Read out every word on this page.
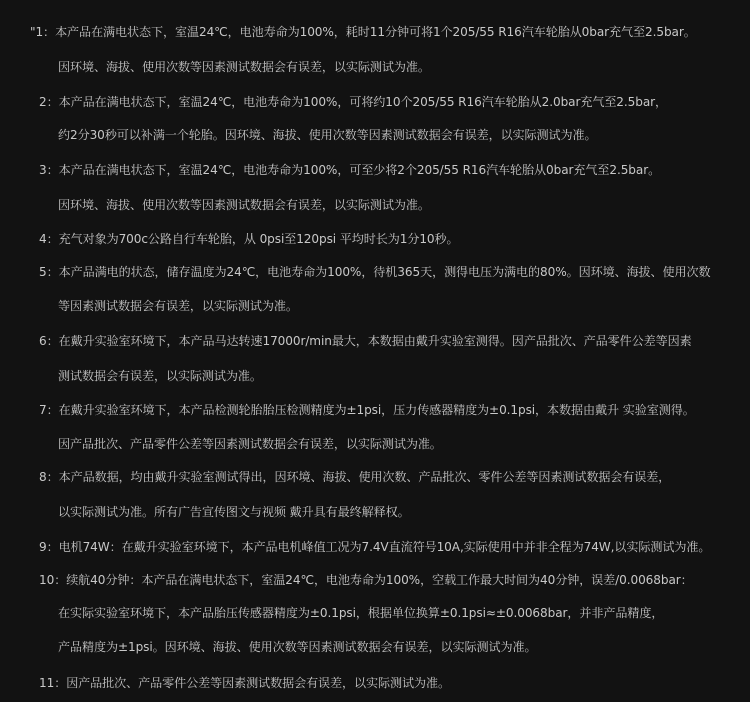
"1：本产品在满电状态下，室温24℃，电池寿命为100%，耗时11分钟可将1个205/55 R16汽车轮胎从0bar充气至2.5bar。
因环境、海拔、使用次数等因素测试数据会有误差，以实际测试为准。
2：本产品在满电状态下，室温24℃，电池寿命为100%，可将约10个205/55 R16汽车轮胎从2.0bar充气至2.5bar，
约2分30秒可以补满一个轮胎。因环境、海拔、使用次数等因素测试数据会有误差，以实际测试为准。
3：本产品在满电状态下，室温24℃，电池寿命为100%，可至少将2个205/55 R16汽车轮胎从0bar充气至2.5bar。
因环境、海拔、使用次数等因素测试数据会有误差，以实际测试为准。
4：充气对象为700c公路自行车轮胎，从 0psi至120psi 平均时长为1分10秒。
5：本产品满电的状态，储存温度为24℃，电池寿命为100%，待机365天，测得电压为满电的80%。因环境、海拔、使用次数
等因素测试数据会有误差，以实际测试为准。
6：在戴升实验室环境下，本产品马达转速17000r/min最大，本数据由戴升实验室测得。因产品批次、产品零件公差等因素
测试数据会有误差，以实际测试为准。
7：在戴升实验室环境下，本产品检测轮胎胎压检测精度为±1psi，压力传感器精度为±0.1psi，本数据由戴升 实验室测得。
因产品批次、产品零件公差等因素测试数据会有误差，以实际测试为准。
8：本产品数据，均由戴升实验室测试得出，因环境、海拔、使用次数、产品批次、零件公差等因素测试数据会有误差，
以实际测试为准。所有广告宣传图文与视频 戴升具有最终解释权。
9：电机74W：在戴升实验室环境下，本产品电机峰值工况为7.4V直流符号10A,实际使用中并非全程为74W,以实际测试为准。
10：续航40分钟：本产品在满电状态下，室温24℃，电池寿命为100%，空载工作最大时间为40分钟，误差/0.0068bar：
在实际实验室环境下，本产品胎压传感器精度为±0.1psi，根据单位换算±0.1psi≈±0.0068bar，并非产品精度，
产品精度为±1psi。因环境、海拔、使用次数等因素测试数据会有误差，以实际测试为准。
11：因产品批次、产品零件公差等因素测试数据会有误差，以实际测试为准。
